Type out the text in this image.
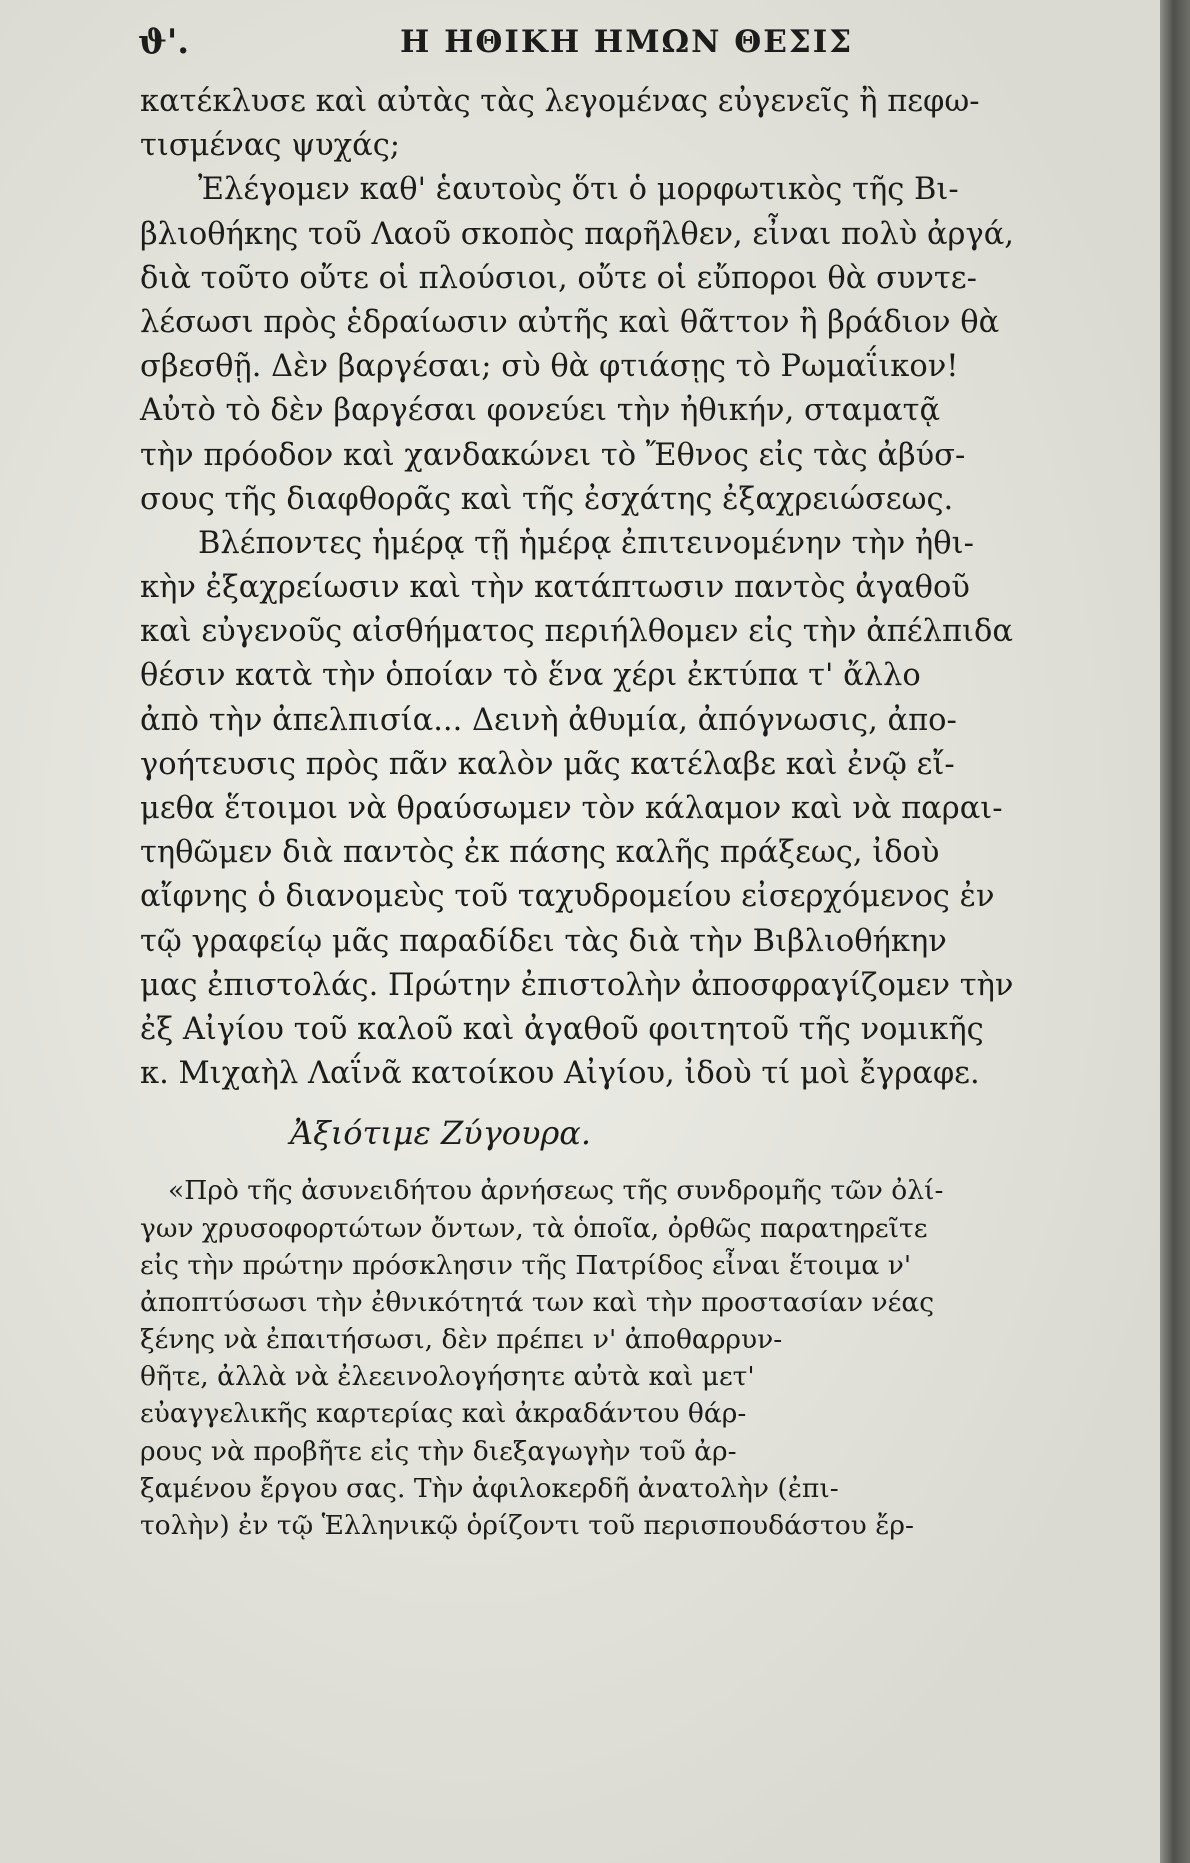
ϑ'.	Η ΗΘΙΚΗ ΗΜΩΝ ΘΕΣΙΣ
κατέκλυσε καὶ αὐτὰς τὰς λεγομένας εὐγενεῖς ἢ πεφω-
τισμένας ψυχάς;
Ἐλέγομεν καθ' ἑαυτοὺς ὅτι ὁ μορφωτικὸς τῆς Βι-
βλιοθήκης τοῦ Λαοῦ σκοπὸς παρῆλθεν, εἶναι πολὺ ἀργά,
διὰ τοῦτο οὔτε οἱ πλούσιοι, οὔτε οἱ εὔποροι θὰ συντε-
λέσωσι πρὸς ἑδραίωσιν αὐτῆς καὶ θᾶττον ἢ βράδιον θὰ
σβεσθῇ. Δὲν βαργέσαι; σὺ θὰ φτιάσῃς τὸ Ρωμαΐικον!
Αὐτὸ τὸ δὲν βαργέσαι φονεύει τὴν ἠθικήν, σταματᾷ
τὴν πρόοδον καὶ χανδακώνει τὸ Ἔθνος εἰς τὰς ἀβύσ-
σους τῆς διαφθορᾶς καὶ τῆς ἐσχάτης ἐξαχρειώσεως.
Βλέποντες ἡμέρᾳ τῇ ἡμέρᾳ ἐπιτεινομένην τὴν ἠθι-
κὴν ἐξαχρείωσιν καὶ τὴν κατάπτωσιν παντὸς ἀγαθοῦ
καὶ εὐγενοῦς αἰσθήματος περιήλθομεν εἰς τὴν ἀπέλπιδα
θέσιν κατὰ τὴν ὁποίαν τὸ ἕνα χέρι ἐκτύπα τ' ἄλλο
ἀπὸ τὴν ἀπελπισία... Δεινὴ ἀθυμία, ἀπόγνωσις, ἀπο-
γοήτευσις πρὸς πᾶν καλὸν μᾶς κατέλαβε καὶ ἐνῷ εἴ-
μεθα ἕτοιμοι νὰ θραύσωμεν τὸν κάλαμον καὶ νὰ παραι-
τηθῶμεν διὰ παντὸς ἐκ πάσης καλῆς πράξεως, ἰδοὺ
αἴφνης ὁ διανομεὺς τοῦ ταχυδρομείου εἰσερχόμενος ἐν
τῷ γραφείῳ μᾶς παραδίδει τὰς διὰ τὴν Βιβλιοθήκην
μας ἐπιστολάς. Πρώτην ἐπιστολὴν ἀποσφραγίζομεν τὴν
ἐξ Αἰγίου τοῦ καλοῦ καὶ ἀγαθοῦ φοιτητοῦ τῆς νομικῆς
κ. Μιχαὴλ Λαΐνᾶ κατοίκου Αἰγίου, ἰδοὺ τί μοὶ ἔγραφε.
Ἀξιότιμε Ζύγουρα.
«Πρὸ τῆς ἀσυνειδήτου ἀρνήσεως τῆς συνδρομῆς τῶν ὀλί-
γων χρυσοφορτώτων ὄντων, τὰ ὁποῖα, ὀρθῶς παρατηρεῖτε
εἰς τὴν πρώτην πρόσκλησιν τῆς Πατρίδος εἶναι ἕτοιμα ν'
ἀποπτύσωσι τὴν ἐθνικότητά των καὶ τὴν προστασίαν νέας
ξένης νὰ ἐπαιτήσωσι, δὲν πρέπει ν' ἀποθαρρυν-
θῆτε, ἀλλὰ νὰ ἐλεεινολογήσητε αὐτὰ καὶ μετ'
εὐαγγελικῆς καρτερίας καὶ ἀκραδάντου θάρ-
ρους νὰ προβῆτε εἰς τὴν διεξαγωγὴν τοῦ ἀρ-
ξαμένου ἔργου σας. Τὴν ἀφιλοκερδῆ ἀνατολὴν (ἐπι-
τολὴν) ἐν τῷ Ἑλληνικῷ ὁρίζοντι τοῦ περισπουδάστου ἔρ-
